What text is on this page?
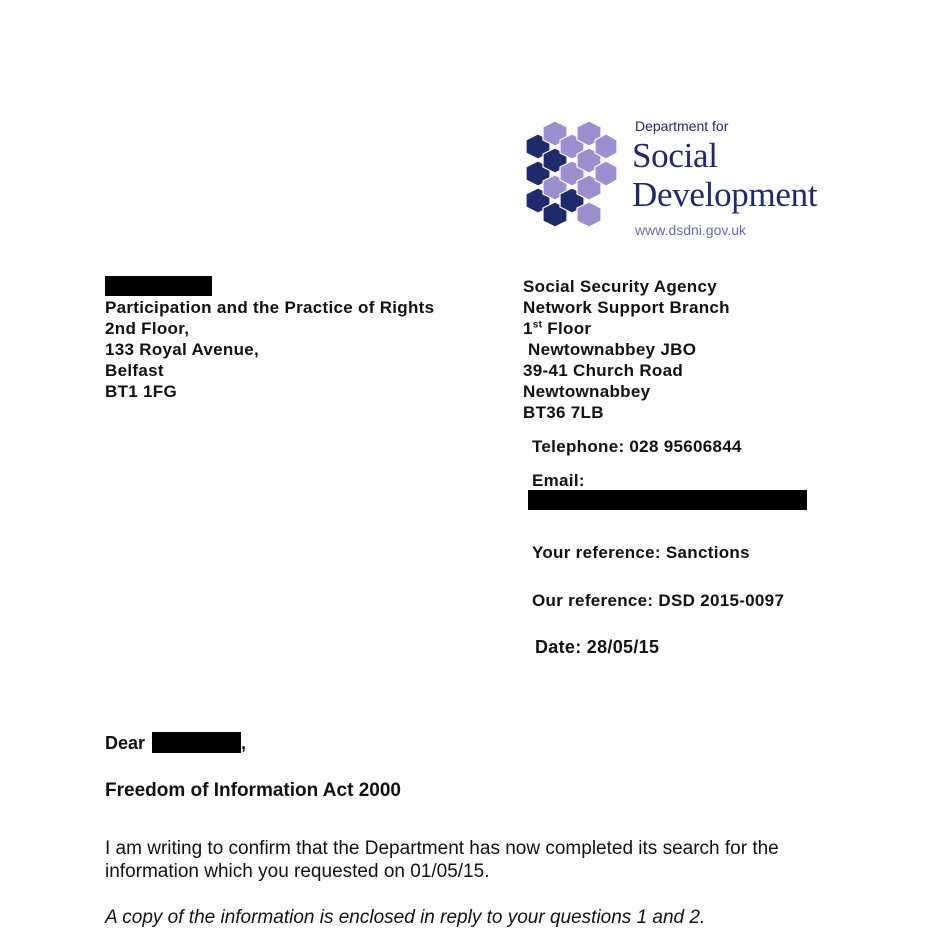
Department for
Social
Development
www.dsdni.gov.uk
Participation and the Practice of Rights
2nd Floor,
133 Royal Avenue,
Belfast
BT1 1FG
Social Security Agency
Network Support Branch
1st Floor
Newtownabbey JBO
39-41 Church Road
Newtownabbey
BT36 7LB
Telephone: 028 95606844
Email:
Your reference: Sanctions
Our reference: DSD 2015-0097
Date: 28/05/15
Dear	,
Freedom of Information Act 2000
I am writing to confirm that the Department has now completed its search for the
information which you requested on 01/05/15.
A copy of the information is enclosed in reply to your questions 1 and 2.
